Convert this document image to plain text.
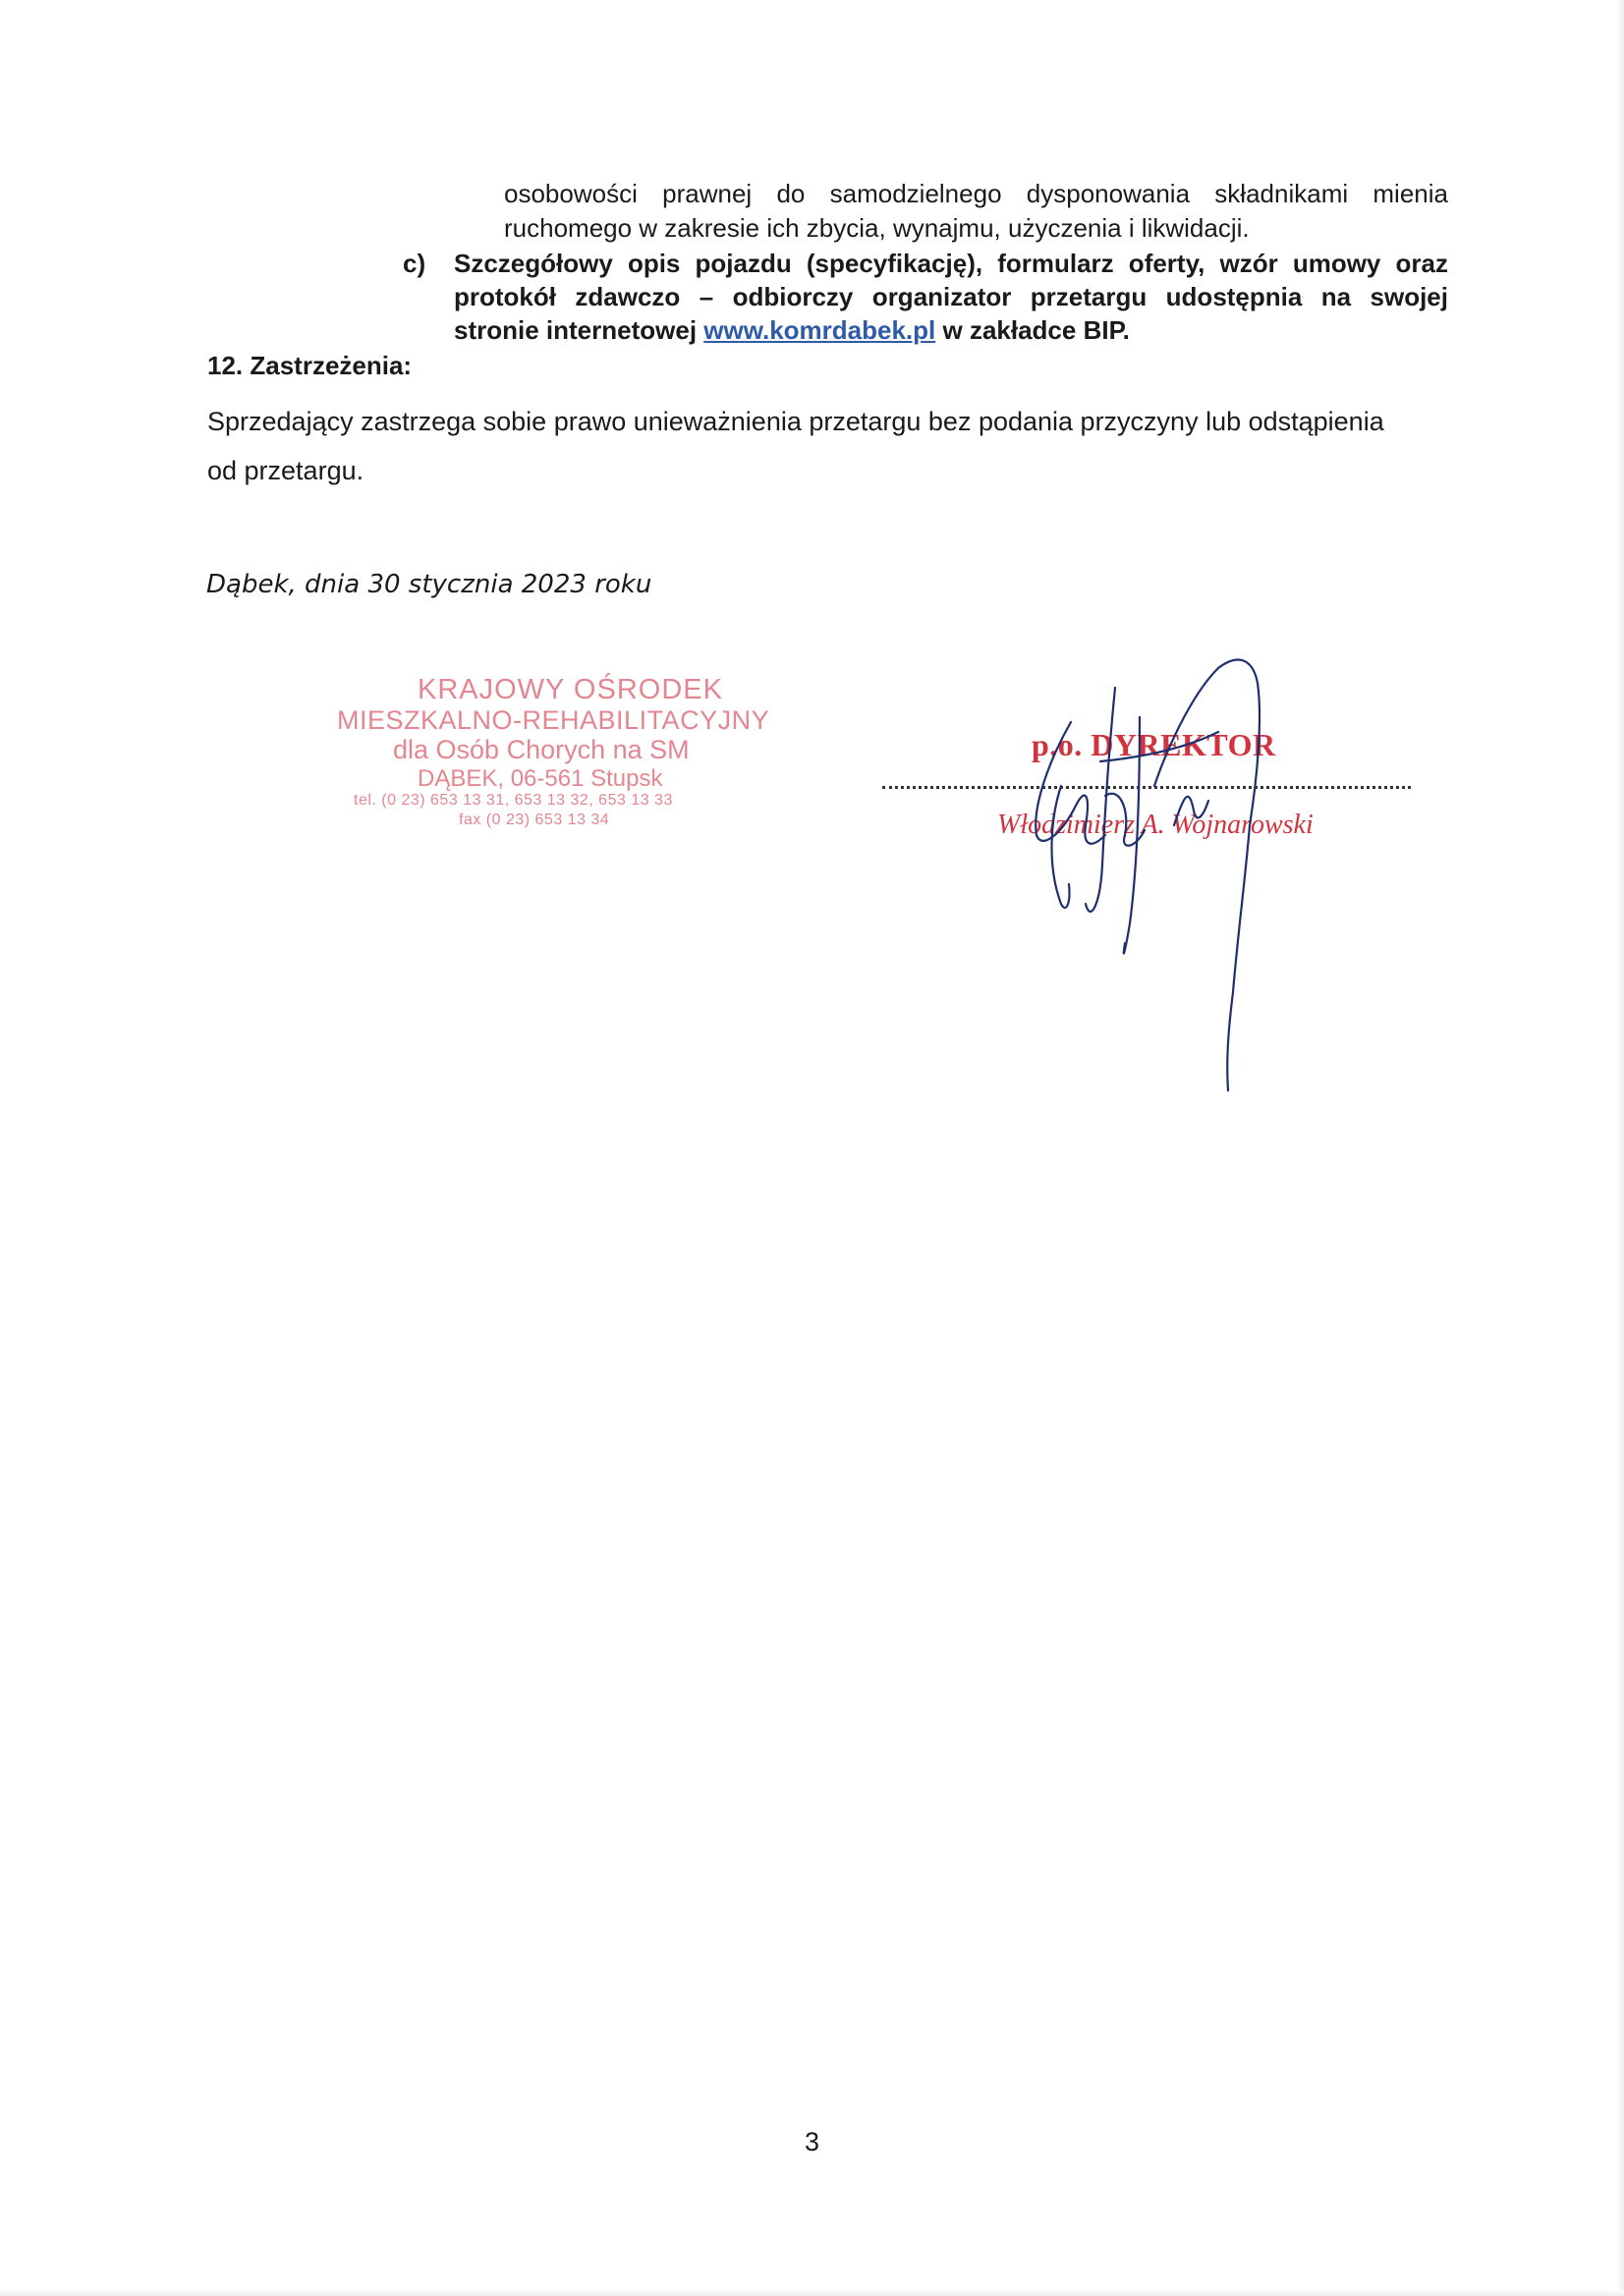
osobowości prawnej do samodzielnego dysponowania składnikami mienia
ruchomego w zakresie ich zbycia, wynajmu, użyczenia i likwidacji.
c) Szczegółowy opis pojazdu (specyfikację), formularz oferty, wzór umowy oraz
protokół zdawczo – odbiorczy organizator przetargu udostępnia na swojej
stronie internetowej www.komrdabek.pl w zakładce BIP.
12. Zastrzeżenia:
Sprzedający zastrzega sobie prawo unieważnienia przetargu bez podania przyczyny lub odstąpienia
od przetargu.
Dąbek, dnia 30 stycznia 2023 roku
KRAJOWY OŚRODEK
MIESZKALNO-REHABILITACYJNY
dla Osób Chorych na SM
DĄBEK, 06-561 Stupsk
tel. (0 23) 653 13 31, 653 13 32, 653 13 33
fax (0 23) 653 13 34
p.o. DYREKTOR
Włodzimierz A. Wojnarowski
3
